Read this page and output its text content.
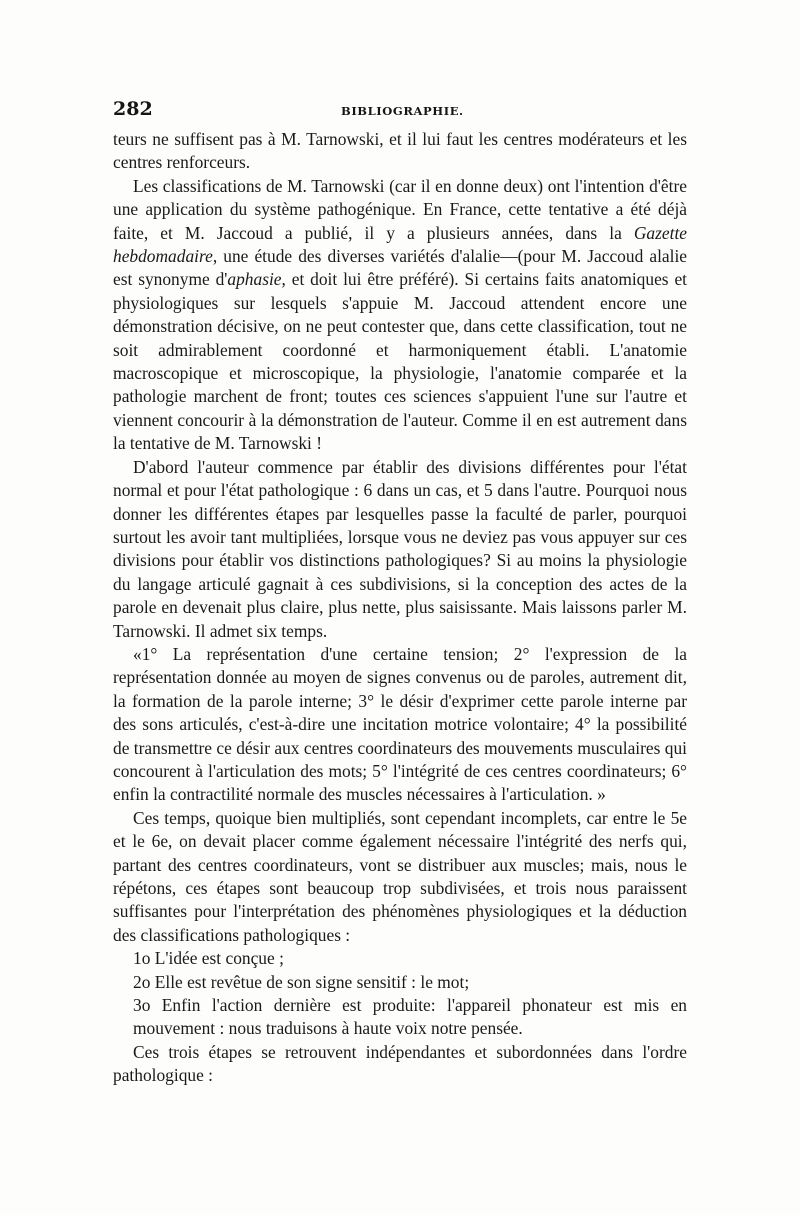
282	BIBLIOGRAPHIE.

teurs ne suffisent pas à M. Tarnowski, et il lui faut les centres modérateurs et les centres renforceurs.

Les classifications de M. Tarnowski (car il en donne deux) ont l'intention d'être une application du système pathogénique. En France, cette tentative a été déjà faite, et M. Jaccoud a publié, il y a plusieurs années, dans la Gazette hebdomadaire, une étude des diverses variétés d'alalie—(pour M. Jaccoud alalie est synonyme d'aphasie, et doit lui être préféré). Si certains faits anatomiques et physiologiques sur lesquels s'appuie M. Jaccoud attendent encore une démonstration décisive, on ne peut contester que, dans cette classification, tout ne soit admirablement coordonné et harmoniquement établi. L'anatomie macroscopique et microscopique, la physiologie, l'anatomie comparée et la pathologie marchent de front; toutes ces sciences s'appuient l'une sur l'autre et viennent concourir à la démonstration de l'auteur. Comme il en est autrement dans la tentative de M. Tarnowski !

D'abord l'auteur commence par établir des divisions différentes pour l'état normal et pour l'état pathologique : 6 dans un cas, et 5 dans l'autre. Pourquoi nous donner les différentes étapes par lesquelles passe la faculté de parler, pourquoi surtout les avoir tant multipliées, lorsque vous ne deviez pas vous appuyer sur ces divisions pour établir vos distinctions pathologiques? Si au moins la physiologie du langage articulé gagnait à ces subdivisions, si la conception des actes de la parole en devenait plus claire, plus nette, plus saisissante. Mais laissons parler M. Tarnowski. Il admet six temps.

«1° La représentation d'une certaine tension; 2° l'expression de la représentation donnée au moyen de signes convenus ou de paroles, autrement dit, la formation de la parole interne; 3° le désir d'exprimer cette parole interne par des sons articulés, c'est-à-dire une incitation motrice volontaire; 4° la possibilité de transmettre ce désir aux centres coordinateurs des mouvements musculaires qui concourent à l'articulation des mots; 5° l'intégrité de ces centres coordinateurs; 6° enfin la contractilité normale des muscles nécessaires à l'articulation. »

Ces temps, quoique bien multipliés, sont cependant incomplets, car entre le 5e et le 6e, on devait placer comme également nécessaire l'intégrité des nerfs qui, partant des centres coordinateurs, vont se distribuer aux muscles; mais, nous le répétons, ces étapes sont beaucoup trop subdivisées, et trois nous paraissent suffisantes pour l'interprétation des phénomènes physiologiques et la déduction des classifications pathologiques :

1o L'idée est conçue ;

2o Elle est revêtue de son signe sensitif : le mot;

3o Enfin l'action dernière est produite: l'appareil phonateur est mis en mouvement : nous traduisons à haute voix notre pensée.

Ces trois étapes se retrouvent indépendantes et subordonnées dans l'ordre pathologique :
